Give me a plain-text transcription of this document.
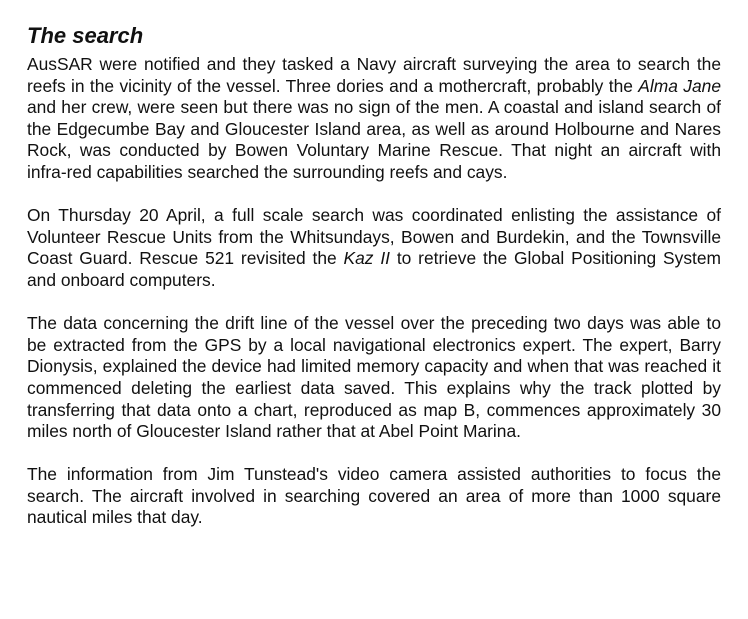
The search

AusSAR were notified and they tasked a Navy aircraft surveying the area to search the reefs in the vicinity of the vessel. Three dories and a mothercraft, probably the Alma Jane and her crew, were seen but there was no sign of the men. A coastal and island search of the Edgecumbe Bay and Gloucester Island area, as well as around Holbourne and Nares Rock, was conducted by Bowen Voluntary Marine Rescue. That night an aircraft with infra-red capabilities searched the surrounding reefs and cays.

On Thursday 20 April, a full scale search was coordinated enlisting the assistance of Volunteer Rescue Units from the Whitsundays, Bowen and Burdekin, and the Townsville Coast Guard. Rescue 521 revisited the Kaz II to retrieve the Global Positioning System and onboard computers.

The data concerning the drift line of the vessel over the preceding two days was able to be extracted from the GPS by a local navigational electronics expert. The expert, Barry Dionysis, explained the device had limited memory capacity and when that was reached it commenced deleting the earliest data saved. This explains why the track plotted by transferring that data onto a chart, reproduced as map B, commences approximately 30 miles north of Gloucester Island rather that at Abel Point Marina.

The information from Jim Tunstead's video camera assisted authorities to focus the search. The aircraft involved in searching covered an area of more than 1000 square nautical miles that day.
